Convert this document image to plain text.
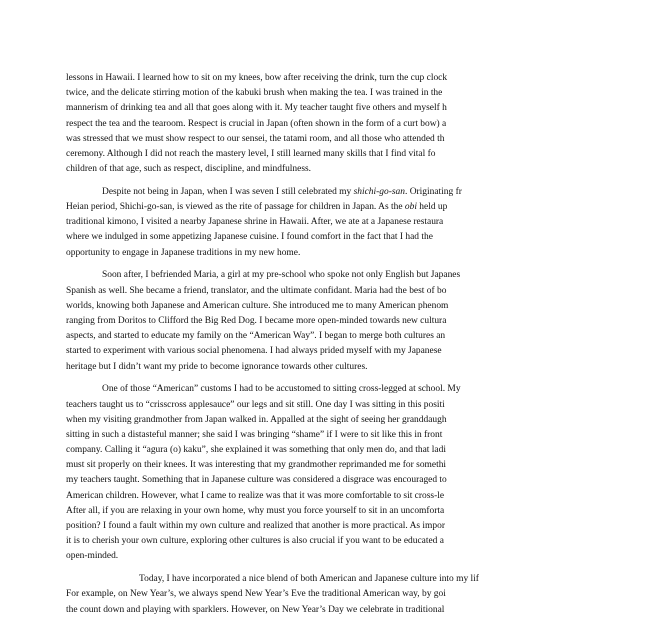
lessons in Hawaii. I learned how to sit on my knees, bow after receiving the drink, turn the cup clock
twice, and the delicate stirring motion of the kabuki brush when making the tea. I was trained in the
mannerism of drinking tea and all that goes along with it. My teacher taught five others and myself h
respect the tea and the tearoom. Respect is crucial in Japan (often shown in the form of a curt bow) a
was stressed that we must show respect to our sensei, the tatami room, and all those who attended th
ceremony. Although I did not reach the mastery level, I still learned many skills that I find vital fo
children of that age, such as respect, discipline, and mindfulness.
Despite not being in Japan, when I was seven I still celebrated my shichi-go-san. Originating fr
Heian period, Shichi-go-san, is viewed as the rite of passage for children in Japan. As the obi held up
traditional kimono, I visited a nearby Japanese shrine in Hawaii. After, we ate at a Japanese restaura
where we indulged in some appetizing Japanese cuisine. I found comfort in the fact that I had the
opportunity to engage in Japanese traditions in my new home.
Soon after, I befriended Maria, a girl at my pre-school who spoke not only English but Japanes
Spanish as well. She became a friend, translator, and the ultimate confidant. Maria had the best of bo
worlds, knowing both Japanese and American culture. She introduced me to many American phenom
ranging from Doritos to Clifford the Big Red Dog. I became more open-minded towards new cultura
aspects, and started to educate my family on the “American Way”. I began to merge both cultures an
started to experiment with various social phenomena. I had always prided myself with my Japanese
heritage but I didn’t want my pride to become ignorance towards other cultures.
One of those “American” customs I had to be accustomed to sitting cross-legged at school. My
teachers taught us to “crisscross applesauce” our legs and sit still. One day I was sitting in this positi
when my visiting grandmother from Japan walked in. Appalled at the sight of seeing her granddaugh
sitting in such a distasteful manner; she said I was bringing “shame” if I were to sit like this in front
company. Calling it “agura (o) kaku”, she explained it was something that only men do, and that ladi
must sit properly on their knees. It was interesting that my grandmother reprimanded me for somethi
my teachers taught. Something that in Japanese culture was considered a disgrace was encouraged to
American children. However, what I came to realize was that it was more comfortable to sit cross-le
After all, if you are relaxing in your own home, why must you force yourself to sit in an uncomforta
position? I found a fault within my own culture and realized that another is more practical. As impor
it is to cherish your own culture, exploring other cultures is also crucial if you want to be educated a
open-minded.
Today, I have incorporated a nice blend of both American and Japanese culture into my lif
For example, on New Year’s, we always spend New Year’s Eve the traditional American way, by goi
the count down and playing with sparklers. However, on New Year’s Day we celebrate in traditional
